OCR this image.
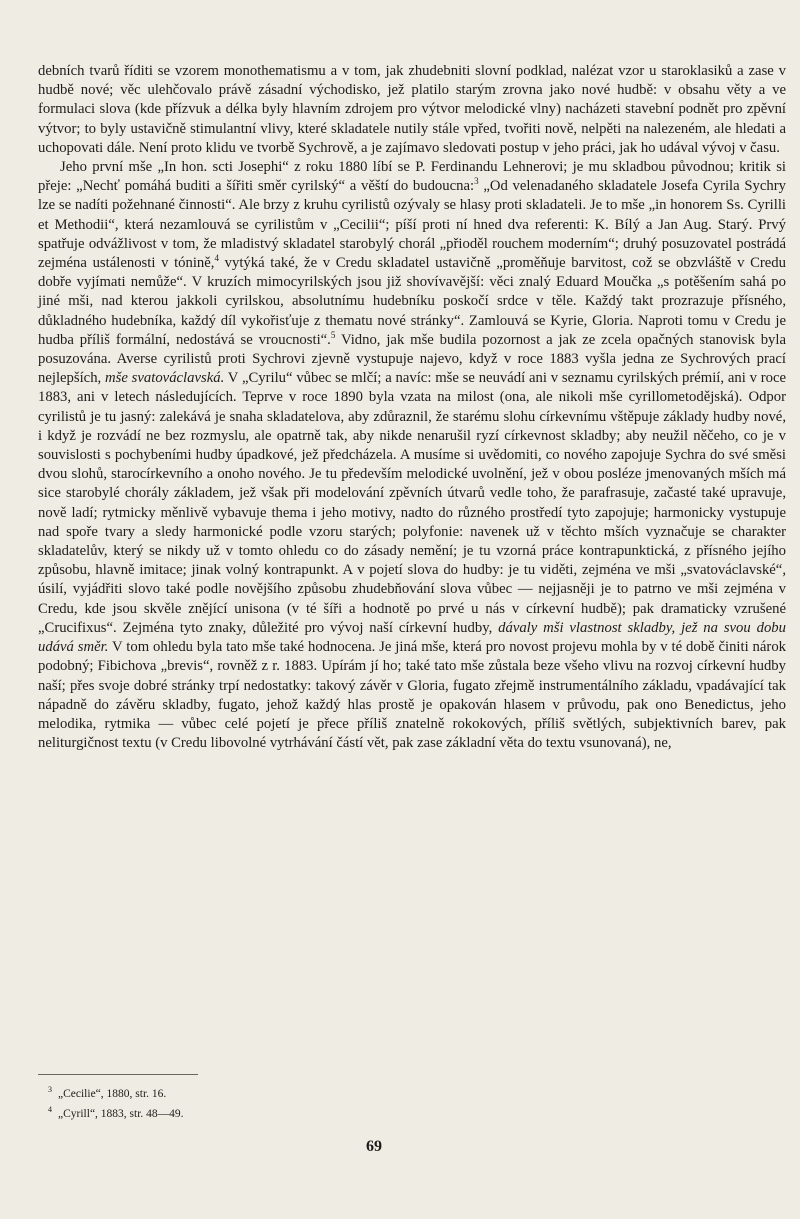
debních tvarů říditi se vzorem monothematismu a v tom, jak zhudebniti slovní podklad, nalézat vzor u staroklasiků a zase v hudbě nové; věc ulehčovalo právě zásadní východisko, jež platilo starým zrovna jako nové hudbě: v obsahu věty a ve formulaci slova (kde přízvuk a délka byly hlavním zdrojem pro výtvor melodické vlny) nacházeti stavební podnět pro zpěvní výtvor; to byly ustavičně stimulantní vlivy, které skladatele nutily stále vpřed, tvořiti nově, nelpěti na nalezeném, ale hledati a uchopovati dále. Není proto klidu ve tvorbě Sychrově, a je zajímavo sledovati postup v jeho práci, jak ho udával vývoj v času.

Jeho první mše „In hon. scti Josephi“ z roku 1880 líbí se P. Ferdinandu Lehnerovi; je mu skladbou původnou; kritik si přeje: „Nechť pomáhá buditi a šířiti směr cyrilský“ a věští do budoucna:$^3$ „Od velenadaného skladatele Josefa Cyrila Sychry lze se nadíti požehnané činnosti“. Ale brzy z kruhu cyrilistů ozývaly se hlasy proti skladateli. Je to mše „in honorem Ss. Cyrilli et Methodii“, která nezamlouvá se cyrilistům v „Cecilii“; píší proti ní hned dva referenti: K. Bílý a Jan Aug. Starý. Prvý spatřuje odvážlivost v tom, že mladistvý skladatel starobylý chorál „přioděl rouchem moderním“; druhý posuzovatel postrádá zejména ustálenosti v tónině,$^4$ vytýká také, že v Credu skladatel ustavičně „proměňuje barvitost, což se obzvláště v Credu dobře vyjímati nemůže“. V kruzích mimocyrilských jsou již shovívavější: věci znalý Eduard Moučka „s potěšením sahá po jiné mši, nad kterou jakkoli cyrilskou, absolutnímu hudebníku poskočí srdce v těle. Každý takt prozrazuje přísného, důkladného hudebníka, každý díl vykořisťuje z thematu nové stránky“. Zamlouvá se Kyrie, Gloria. Naproti tomu v Credu je hudba příliš formální, nedostává se vroucnosti“.$^5$ Vidno, jak mše budila pozornost a jak ze zcela opačných stanovisk byla posuzována. Averse cyrilistů proti Sychrovi zjevně vystupuje najevo, když v roce 1883 vyšla jedna ze Sychrových prací nejlepších, mše svatováclavská. V „Cyrilu“ vůbec se mlčí; a navíc: mše se neuvádí ani v seznamu cyrilských prémií, ani v roce 1883, ani v letech následujících. Teprve v roce 1890 byla vzata na milost (ona, ale nikoli mše cyrillometodějská). Odpor cyrilistů je tu jasný: zalekává je snaha skladatelova, aby zdůraznil, že starému slohu církevnímu vštěpuje základy hudby nové, i když je rozvádí ne bez rozmyslu, ale opatrně tak, aby nikde nenarušil ryzí církevnost skladby; aby neužil něčeho, co je v souvislosti s pochybeními hudby úpadkové, jež předcházela. A musíme si uvědomiti, co nového zapojuje Sychra do své směsi dvou slohů, starocírkevního a onoho nového. Je tu především melodické uvolnění, jež v obou posléze jmenovaných mších má sice starobylé chorály základem, jež však při modelování zpěvních útvarů vedle toho, že parafrasuje, začasté také upravuje, nově ladí; rytmicky měnlivě vybavuje thema i jeho motivy, nadto do různého prostředí tyto zapojuje; harmonicky vystupuje nad spoře tvary a sledy harmonické podle vzoru starých; polyfonie: navenek už v těchto mších vyznačuje se charakter skladatelův, který se nikdy už v tomto ohledu co do zásady nemění; je tu vzorná práce kontrapunktická, z přísného jejího způsobu, hlavně imitace; jinak volný kontrapunkt. A v pojetí slova do hudby: je tu viděti, zejména ve mši „svatováclavské“, úsilí, vyjádřiti slovo také podle novějšího způsobu zhudebňování slova vůbec — nejjasněji je to patrno ve mši zejména v Credu, kde jsou skvěle znějící unisona (v té šíři a hodnotě po prvé u nás v církevní hudbě); pak dramaticky vzrušené „Crucifixus“. Zejména tyto znaky, důležité pro vývoj naší církevní hudby, dávaly mši vlastnost skladby, jež na svou dobu udává směr. V tom ohledu byla tato mše také hodnocena. Je jiná mše, která pro novost projevu mohla by v té době činiti nárok podobný; Fibichova „brevis“, rovněž z r. 1883. Upírám jí ho; také tato mše zůstala beze všeho vlivu na rozvoj církevní hudby naší; přes svoje dobré stránky trpí nedostatky: takový závěr v Gloria, fugato zřejmě instrumentálního základu, vpadávající tak nápadně do závěru skladby, fugato, jehož každý hlas prostě je opakován hlasem v průvodu, pak ono Benedictus, jeho melodika, rytmika — vůbec celé pojetí je přece příliš znatelně rokokových, příliš světlých, subjektivních barev, pak neliturgičnost textu (v Credu libovolné vytrhávání částí vět, pak zase základní věta do textu vsunovaná), ne,

$^3$ „Cecilie“, 1880, str. 16.
$^4$ „Cyrill“, 1883, str. 48—49.
69
